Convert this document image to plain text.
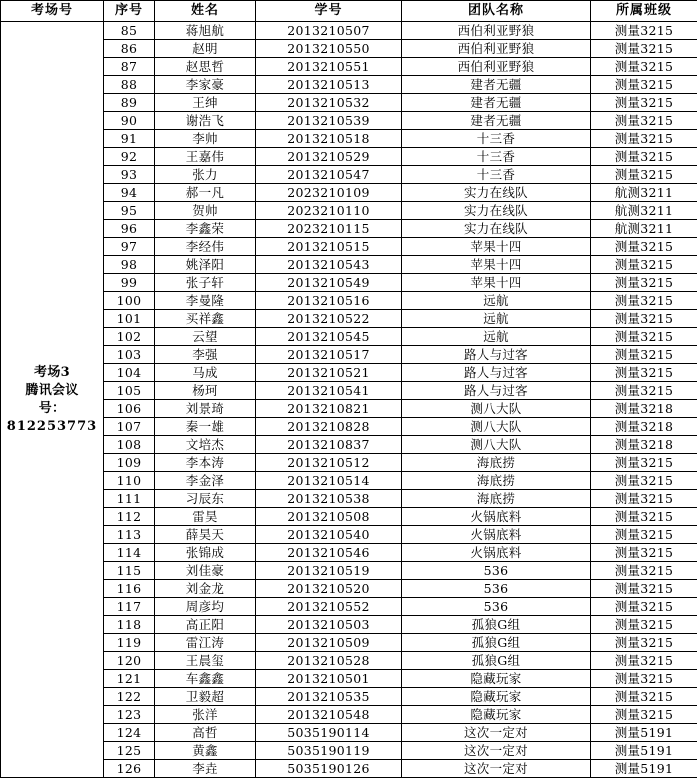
考场号	序号	姓名	学号	团队名称	所属班级

考场3
腾讯会议
号：
812253773	85	蒋旭航	2013210507	西伯利亚野狼	测量3215
	86	赵明	2013210550	西伯利亚野狼	测量3215
	87	赵思哲	2013210551	西伯利亚野狼	测量3215
	88	李家豪	2013210513	建者无疆	测量3215
	89	王绅	2013210532	建者无疆	测量3215
	90	谢浩飞	2013210539	建者无疆	测量3215
	91	李帅	2013210518	十三香	测量3215
	92	王嘉伟	2013210529	十三香	测量3215
	93	张力	2013210547	十三香	测量3215
	94	郝一凡	2023210109	实力在线队	航测3211
	95	贺帅	2023210110	实力在线队	航测3211
	96	李鑫荣	2023210115	实力在线队	航测3211
	97	李经伟	2013210515	苹果十四	测量3215
	98	姚泽阳	2013210543	苹果十四	测量3215
	99	张子轩	2013210549	苹果十四	测量3215
	100	李曼隆	2013210516	远航	测量3215
	101	买祥鑫	2013210522	远航	测量3215
	102	云望	2013210545	远航	测量3215
	103	李强	2013210517	路人与过客	测量3215
	104	马成	2013210521	路人与过客	测量3215
	105	杨珂	2013210541	路人与过客	测量3215
	106	刘景琦	2013210821	测八大队	测量3218
	107	秦一雄	2013210828	测八大队	测量3218
	108	文培杰	2013210837	测八大队	测量3218
	109	李本涛	2013210512	海底捞	测量3215
	110	李金泽	2013210514	海底捞	测量3215
	111	习辰东	2013210538	海底捞	测量3215
	112	雷昊	2013210508	火锅底料	测量3215
	113	薛昊天	2013210540	火锅底料	测量3215
	114	张锦成	2013210546	火锅底料	测量3215
	115	刘佳豪	2013210519	536	测量3215
	116	刘金龙	2013210520	536	测量3215
	117	周彦均	2013210552	536	测量3215
	118	高正阳	2013210503	孤狼G组	测量3215
	119	雷江涛	2013210509	孤狼G组	测量3215
	120	王晨玺	2013210528	孤狼G组	测量3215
	121	车鑫鑫	2013210501	隐藏玩家	测量3215
	122	卫毅超	2013210535	隐藏玩家	测量3215
	123	张洋	2013210548	隐藏玩家	测量3215
	124	高哲	5035190114	这次一定对	测量5191
	125	黄鑫	5035190119	这次一定对	测量5191
	126	李垚	5035190126	这次一定对	测量5191
